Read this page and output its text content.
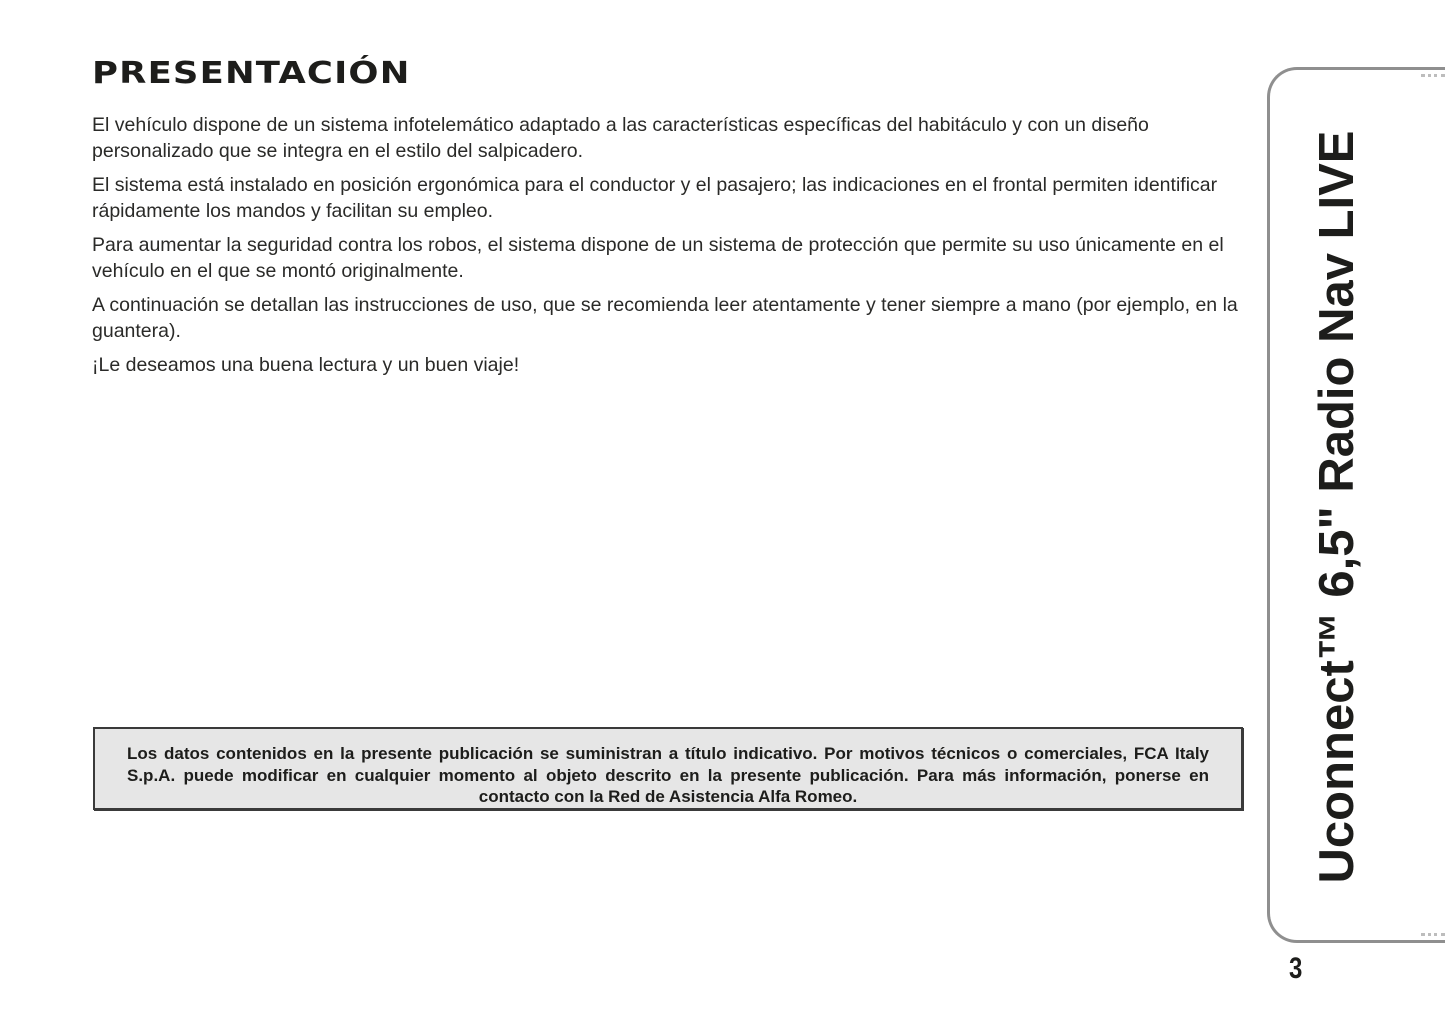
PRESENTACIÓN

El vehículo dispone de un sistema infotelemático adaptado a las características específicas del habitáculo y con un diseño personalizado que se integra en el estilo del salpicadero.

El sistema está instalado en posición ergonómica para el conductor y el pasajero; las indicaciones en el frontal permiten identificar rápidamente los mandos y facilitan su empleo.

Para aumentar la seguridad contra los robos, el sistema dispone de un sistema de protección que permite su uso únicamente en el vehículo en el que se montó originalmente.

A continuación se detallan las instrucciones de uso, que se recomienda leer atentamente y tener siempre a mano (por ejemplo, en la guantera).

¡Le deseamos una buena lectura y un buen viaje!

Los datos contenidos en la presente publicación se suministran a título indicativo. Por motivos técnicos o comerciales, FCA Italy S.p.A. puede modificar en cualquier momento al objeto descrito en la presente publicación. Para más información, ponerse en contacto con la Red de Asistencia Alfa Romeo.	Uconnect™ 6,5" Radio Nav LIVE
3
